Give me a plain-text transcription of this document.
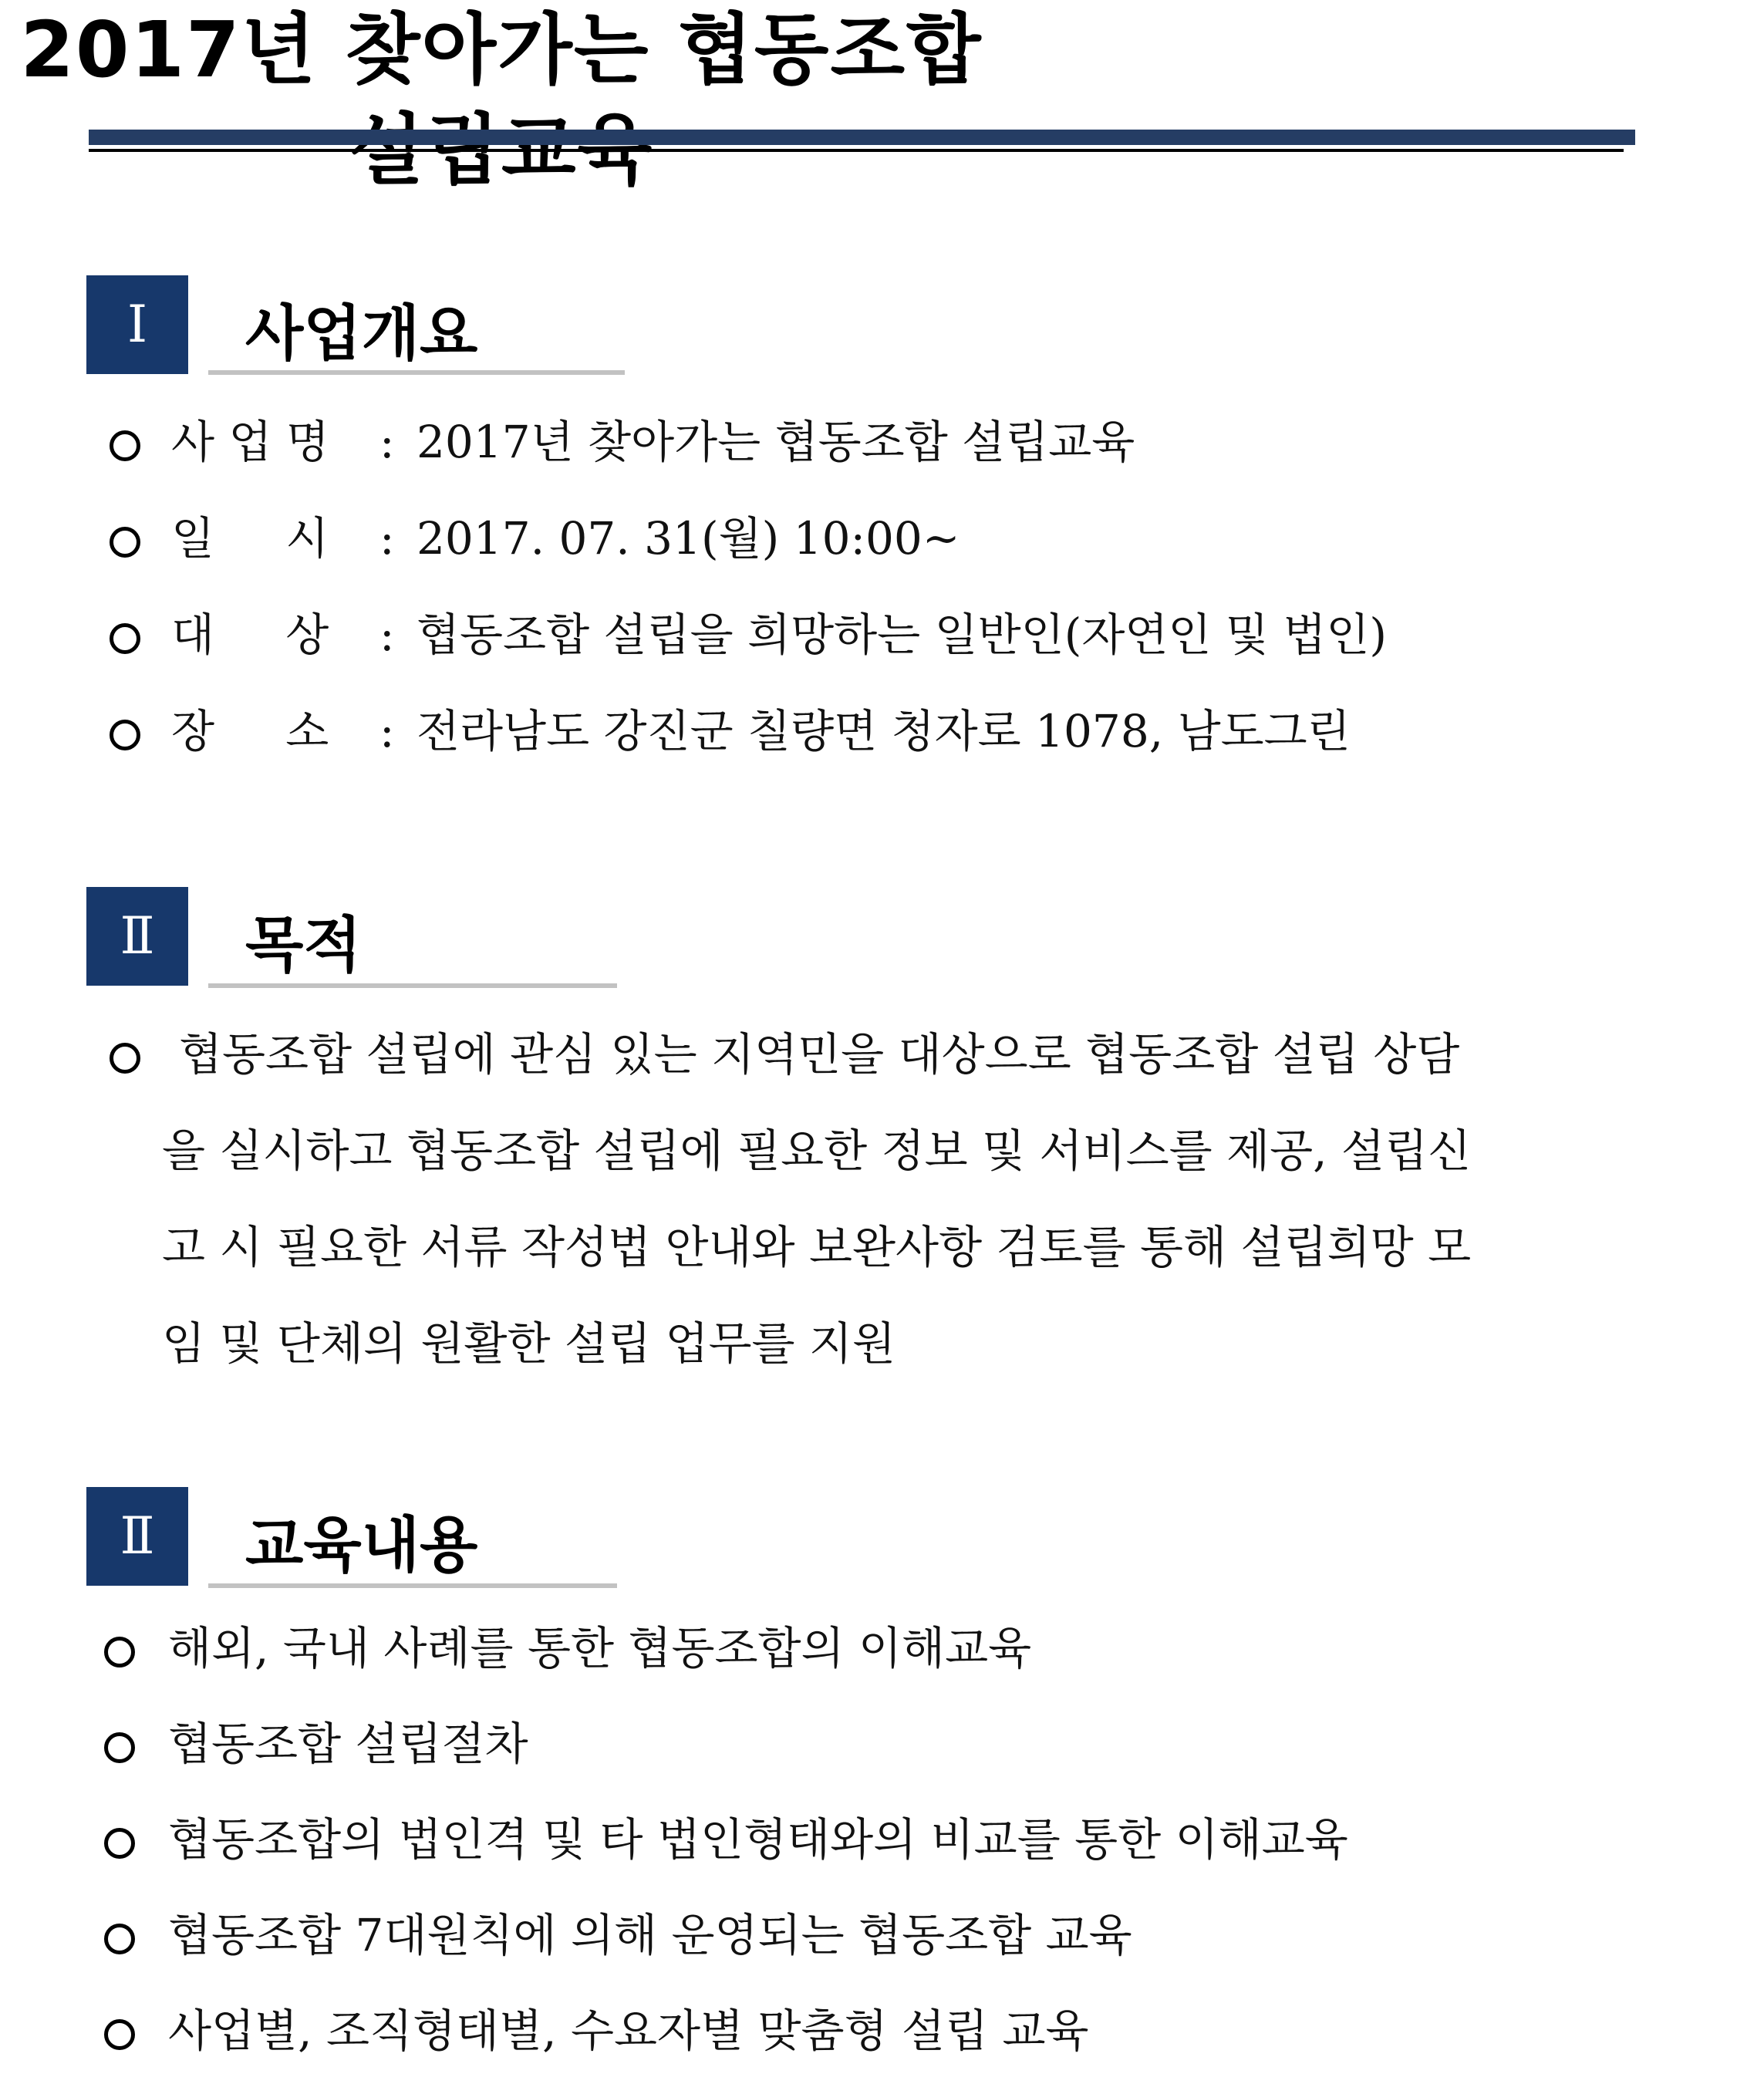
2017년 찾아가는 협동조합
Ⅰ	사업개요
사 업 명 : 2017년 찾아가는 협동조합 설립교육
일     시 : 2017. 07. 31(월) 10:00~
대     상 : 협동조합 설립을 희망하는 일반인(자연인 및 법인)
장     소 : 전라남도 강진군 칠량면 청자로 1078, 남도그린
Ⅱ	목적
협동조합 설립에 관심 있는 지역민을 대상으로 협동조합 설립 상담
을 실시하고 협동조합 설립에 필요한 정보 및 서비스를 제공, 설립신
고 시 필요한 서류 작성법 안내와 보완사항 검토를 통해 설립희망 모
임 및 단체의 원활한 설립 업무를 지원
Ⅱ	교육내용
해외, 국내 사례를 통한 협동조합의 이해교육
협동조합 설립절차
협동조합의 법인격 및 타 법인형태와의 비교를 통한 이해교육
협동조합 7대원칙에 의해 운영되는 협동조합 교육
사업별, 조직형태별, 수요자별 맞춤형 설립 교육
